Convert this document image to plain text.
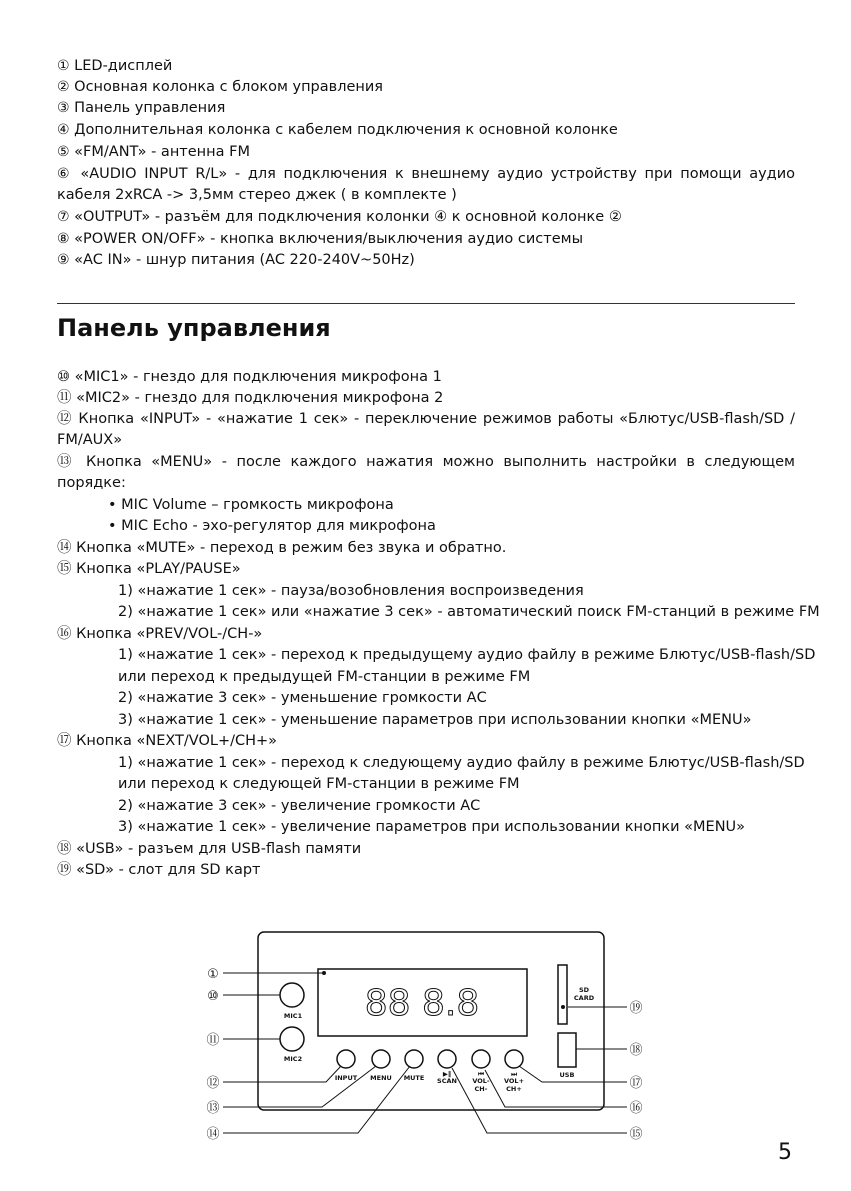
① LED-дисплей
② Основная колонка с блоком управления
③ Панель управления
④ Дополнительная колонка с кабелем подключения к основной колонке
⑤ «FM/ANT» - антенна FM
⑥ «AUDIO INPUT R/L» - для подключения к внешнему аудио устройству при помощи аудио кабеля 2хRCA -> 3,5мм стерео джек ( в комплекте )
⑦ «OUTPUT» - разъём для подключения колонки ④ к основной колонке ②
⑧ «POWER ON/OFF» - кнопка включения/выключения аудио системы
⑨ «AC IN» - шнур питания (AC 220-240V~50Hz)
Панель управления
⑩ «MIC1» - гнездо для подключения микрофона 1
⑪ «MIC2» - гнездо для подключения микрофона 2
⑫ Кнопка «INPUT» - «нажатие 1 сек» - переключение режимов работы «Блютус/USB-flash/SD / FM/AUX»
⑬ Кнопка «MENU» - после каждого нажатия можно выполнить настройки в следующем порядке:
• MIC Volume – громкость микрофона
• MIC Echo - эхо-регулятор для микрофона
⑭ Кнопка «MUTE» - переход в режим без звука и обратно.
⑮ Кнопка «PLAY/PAUSE»
1) «нажатие 1 сек» - пауза/возобновления воспроизведения
2) «нажатие 1 сек» или «нажатие 3 сек» - автоматический поиск FM-станций в режиме FM
⑯ Кнопка «PREV/VOL-/CH-»
1) «нажатие 1 сек» - переход к предыдущему аудио файлу в режиме Блютус/USB-flash/SD
или переход к предыдущей FM-станции в режиме FM
2) «нажатие 3 сек» - уменьшение громкости АС
3) «нажатие 1 сек» - уменьшение параметров при использовании кнопки «MENU»
⑰ Кнопка «NEXT/VOL+/CH+»
1) «нажатие 1 сек» - переход к следующему аудио файлу в режиме Блютус/USB-flash/SD
или переход к следующей FM-станции в режиме FM
2) «нажатие 3 сек» - увеличение громкости АС
3) «нажатие 1 сек» - увеличение параметров при использовании кнопки «MENU»
⑱ «USB» - разъем для USB-flash памяти
⑲ «SD» - слот для SD карт
88 8.8
MIC1
MIC2
INPUT MENU MUTE	▶‖
SCAN
⏮
VOL-
CH-
⏭
VOL+
CH+
SD
CARD
USB
①
⑩
⑪
⑫
⑬
⑭
⑲
⑱
⑰
⑯
⑮
5
